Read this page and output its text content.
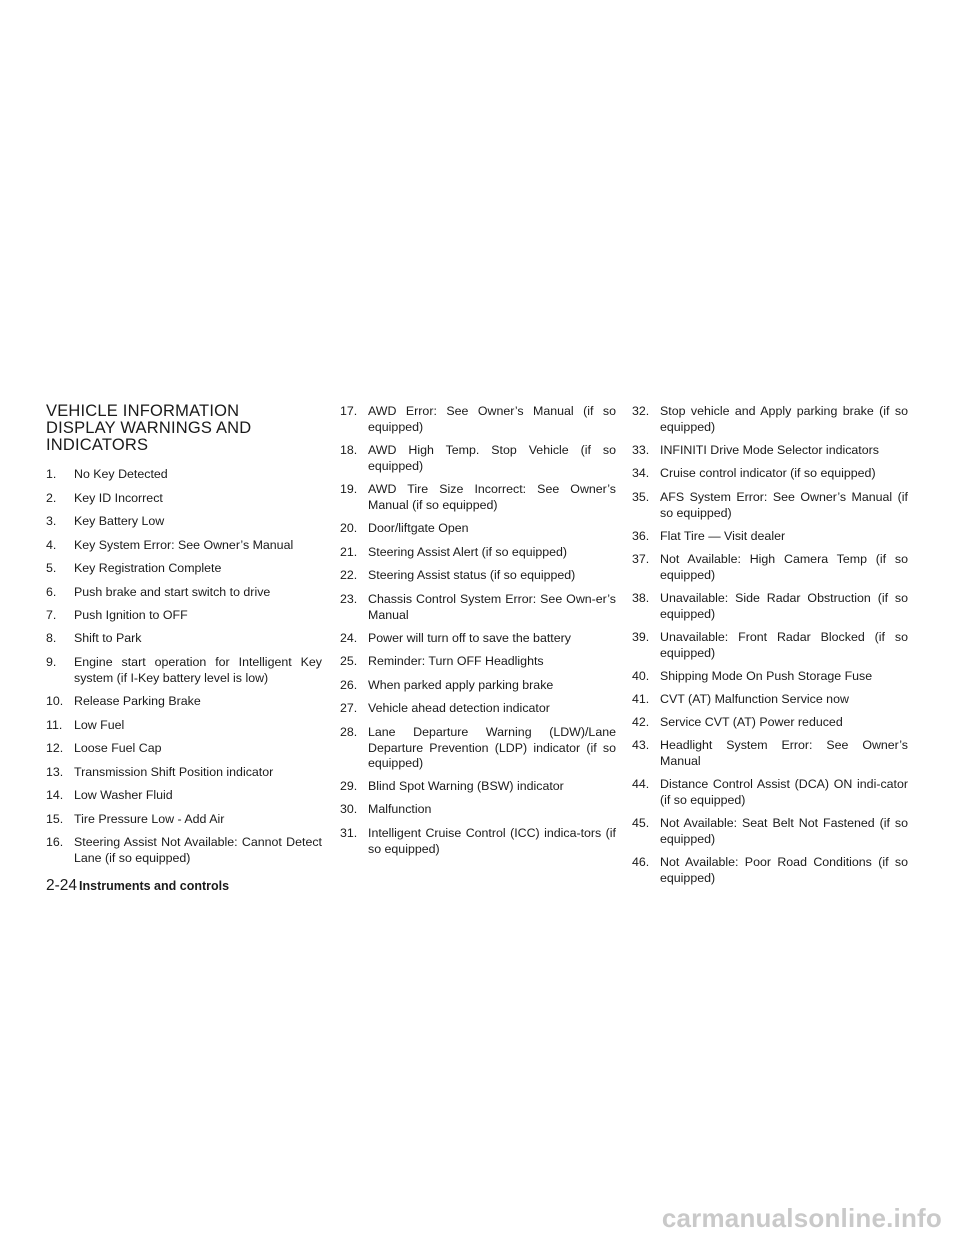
VEHICLE INFORMATION
DISPLAY WARNINGS AND
INDICATORS
1.	No Key Detected
2.	Key ID Incorrect
3.	Key Battery Low
4.	Key System Error: See Owner’s Manual
5.	Key Registration Complete
6.	Push brake and start switch to drive
7.	Push Ignition to OFF
8.	Shift to Park
9.	Engine start operation for Intelligent Key system (if I-Key battery level is low)
10. Release Parking Brake
11. Low Fuel
12. Loose Fuel Cap
13. Transmission Shift Position indicator
14. Low Washer Fluid
15. Tire Pressure Low - Add Air
16. Steering Assist Not Available: Cannot Detect Lane (if so equipped)
17. AWD Error: See Owner’s Manual (if so equipped)
18. AWD High Temp. Stop Vehicle (if so equipped)
19. AWD Tire Size Incorrect: See Owner’s Manual (if so equipped)
20. Door/liftgate Open
21. Steering Assist Alert (if so equipped)
22. Steering Assist status (if so equipped)
23. Chassis Control System Error: See Own-er’s Manual
24. Power will turn off to save the battery
25. Reminder: Turn OFF Headlights
26. When parked apply parking brake
27. Vehicle ahead detection indicator
28. Lane Departure Warning (LDW)/Lane Departure Prevention (LDP) indicator (if so equipped)
29. Blind Spot Warning (BSW) indicator
30. Malfunction
31. Intelligent Cruise Control (ICC) indica-tors (if so equipped)
32. Stop vehicle and Apply parking brake (if so equipped)
33. INFINITI Drive Mode Selector indicators
34. Cruise control indicator (if so equipped)
35. AFS System Error: See Owner’s Manual (if so equipped)
36. Flat Tire — Visit dealer
37. Not Available: High Camera Temp (if so equipped)
38. Unavailable: Side Radar Obstruction (if so equipped)
39. Unavailable: Front Radar Blocked (if so equipped)
40. Shipping Mode On Push Storage Fuse
41. CVT (AT) Malfunction Service now
42. Service CVT (AT) Power reduced
43. Headlight System Error: See Owner’s Manual
44. Distance Control Assist (DCA) ON indi-cator (if so equipped)
45. Not Available: Seat Belt Not Fastened (if so equipped)
46. Not Available: Poor Road Conditions (if so equipped)
2-24 Instruments and controls
carmanualsonline.info
